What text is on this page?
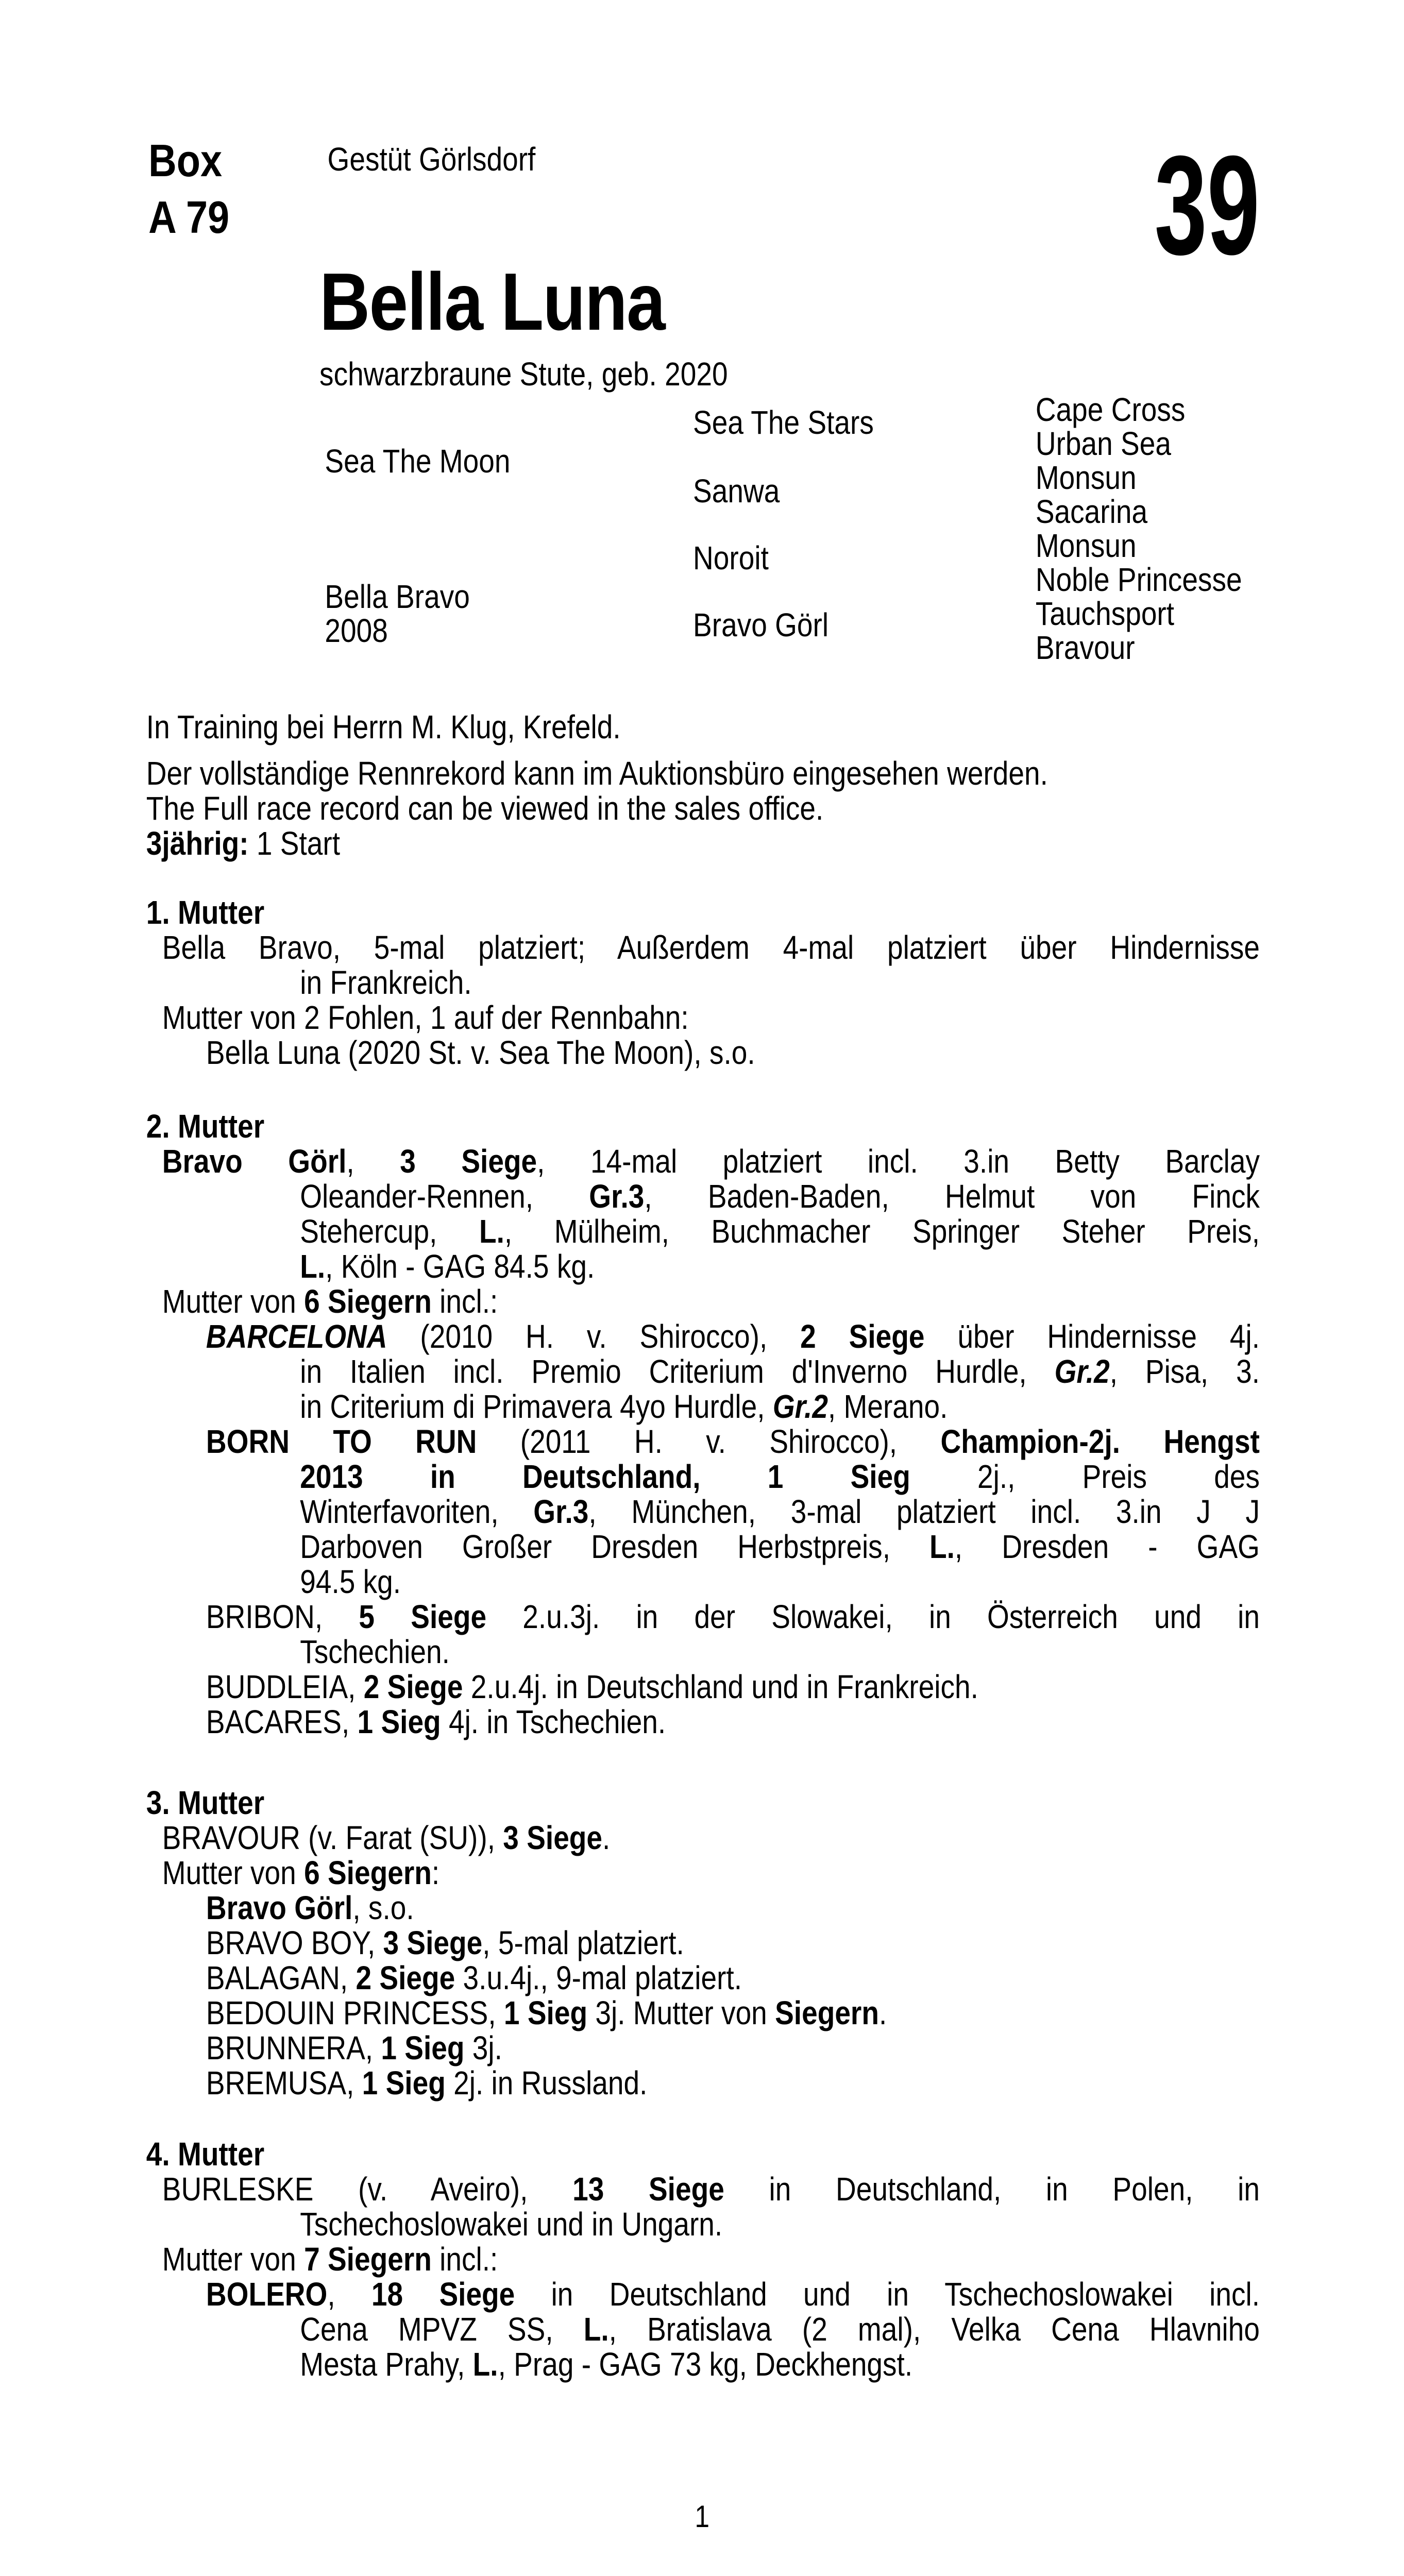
Box
A 79
Gestüt Görlsdorf	39
Bella Luna
schwarzbraune Stute, geb. 2020
Sea The Moon
Bella Bravo
2008
Sea The Stars
Sanwa
Noroit
Bravo Görl
Cape Cross
Urban Sea
Monsun
Sacarina
Monsun
Noble Princesse
Tauchsport
Bravour
In Training bei Herrn M. Klug, Krefeld.
Der vollständige Rennrekord kann im Auktionsbüro eingesehen werden.
The Full race record can be viewed in the sales office.
3jährig: 1 Start
1. Mutter
Bella Bravo, 5-mal platziert; Außerdem 4-mal platziert über Hindernisse
in Frankreich.
Mutter von 2 Fohlen, 1 auf der Rennbahn:
Bella Luna (2020 St. v. Sea The Moon), s.o.
2. Mutter
Bravo Görl, 3 Siege, 14-mal platziert incl. 3.in Betty Barclay
Oleander-Rennen, Gr.3, Baden-Baden, Helmut von Finck
Stehercup, L., Mülheim, Buchmacher Springer Steher Preis,
L., Köln - GAG 84.5 kg.
Mutter von 6 Siegern incl.:
BARCELONA (2010 H. v. Shirocco), 2 Siege über Hindernisse 4j.
in Italien incl. Premio Criterium d'Inverno Hurdle, Gr.2, Pisa, 3.
in Criterium di Primavera 4yo Hurdle, Gr.2, Merano.
BORN TO RUN (2011 H. v. Shirocco), Champion-2j. Hengst
2013 in Deutschland, 1 Sieg 2j., Preis des
Winterfavoriten, Gr.3, München, 3-mal platziert incl. 3.in J J
Darboven Großer Dresden Herbstpreis, L., Dresden - GAG
94.5 kg.
BRIBON, 5 Siege 2.u.3j. in der Slowakei, in Österreich und in
Tschechien.
BUDDLEIA, 2 Siege 2.u.4j. in Deutschland und in Frankreich.
BACARES, 1 Sieg 4j. in Tschechien.
3. Mutter
BRAVOUR (v. Farat (SU)), 3 Siege.
Mutter von 6 Siegern:
Bravo Görl, s.o.
BRAVO BOY, 3 Siege, 5-mal platziert.
BALAGAN, 2 Siege 3.u.4j., 9-mal platziert.
BEDOUIN PRINCESS, 1 Sieg 3j. Mutter von Siegern.
BRUNNERA, 1 Sieg 3j.
BREMUSA, 1 Sieg 2j. in Russland.
4. Mutter
BURLESKE (v. Aveiro), 13 Siege in Deutschland, in Polen, in
Tschechoslowakei und in Ungarn.
Mutter von 7 Siegern incl.:
BOLERO, 18 Siege in Deutschland und in Tschechoslowakei incl.
Cena MPVZ SS, L., Bratislava (2 mal), Velka Cena Hlavniho
Mesta Prahy, L., Prag - GAG 73 kg, Deckhengst.
1
